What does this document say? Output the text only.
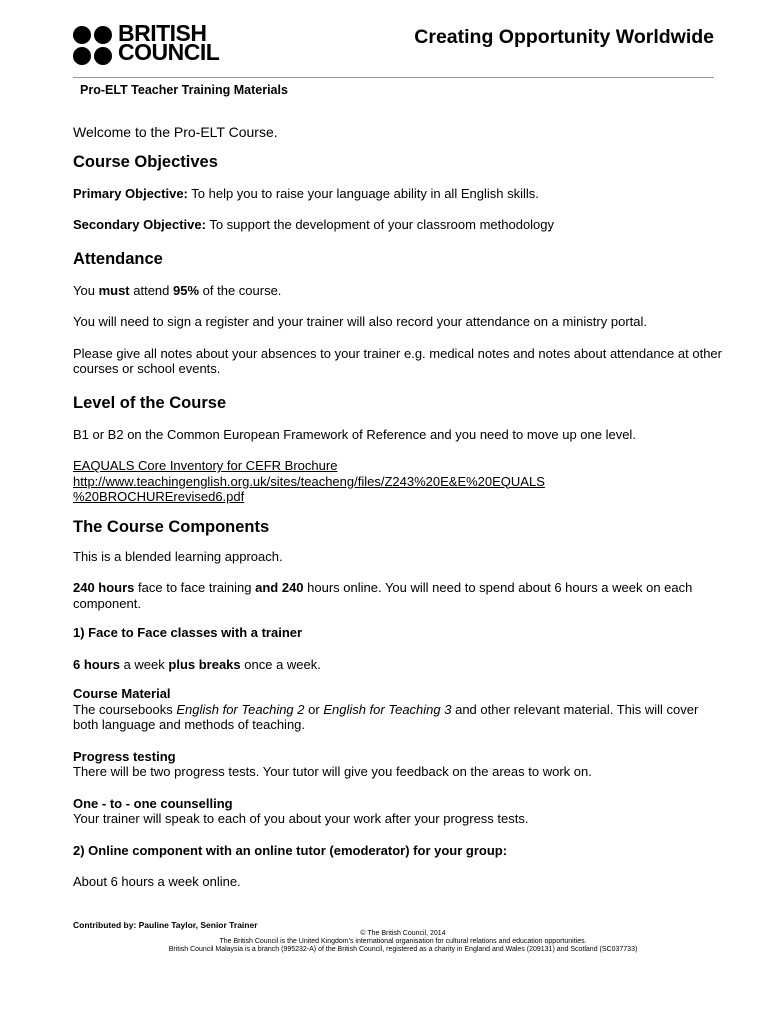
BRITISH
COUNCIL
Creating Opportunity Worldwide
Pro-ELT Teacher Training Materials

Welcome to the Pro-ELT Course.

Course Objectives

Primary Objective: To help you to raise your language ability in all English skills.

Secondary Objective: To support the development of your classroom methodology

Attendance

You must attend 95% of the course.

You will need to sign a register and your trainer will also record your attendance on a ministry portal.

Please give all notes about your absences to your trainer e.g. medical notes and notes about attendance at other courses or school events.

Level of the Course

B1 or B2 on the Common European Framework of Reference and you need to move up one level.

EAQUALS Core Inventory for CEFR Brochure
http://www.teachingenglish.org.uk/sites/teacheng/files/Z243%20E&E%20EQUALS
%20BROCHURErevised6.pdf

The Course Components

This is a blended learning approach.

240 hours face to face training and 240 hours online. You will need to spend about 6 hours a week on each component.

1) Face to Face classes with a trainer

6 hours a week plus breaks once a week.

Course Material

The coursebooks English for Teaching 2 or English for Teaching 3 and other relevant material. This will cover both language and methods of teaching.

Progress testing

There will be two progress tests. Your tutor will give you feedback on the areas to work on.

One - to - one counselling

Your trainer will speak to each of you about your work after your progress tests.

2) Online component with an online tutor (emoderator) for your group:

About 6 hours a week online.

Contributed by: Pauline Taylor, Senior Trainer
© The British Council, 2014
The British Council is the United Kingdom's international organisation for cultural relations and education opportunities.
British Council Malaysia is a branch (995232-A) of the British Council, registered as a charity in England and Wales (209131) and Scotland (SC037733)
